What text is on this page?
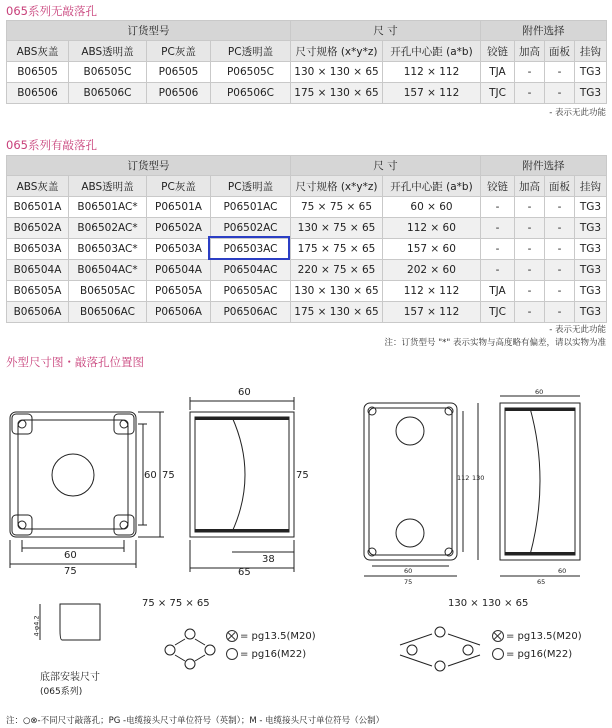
065系列无敲落孔
订货型号				尺 寸		附件选择			
ABS灰盖	ABS透明盖	PC灰盖	PC透明盖	尺寸规格 (x*y*z)	开孔中心距 (a*b)	铰链	加高	面板	挂钩
B06505	B06505C	P06505	P06505C	130 × 130 × 65	112 × 112	TJA	-	-	TG3
B06506	B06506C	P06506	P06506C	175 × 130 × 65	157 × 112	TJC	-	-	TG3
- 表示无此功能
065系列有敲落孔
订货型号				尺 寸		附件选择			
ABS灰盖	ABS透明盖	PC灰盖	PC透明盖	尺寸规格 (x*y*z)	开孔中心距 (a*b)	铰链	加高	面板	挂钩
B06501A	B06501AC*	P06501A	P06501AC	75 × 75 × 65	60 × 60	-	-	-	TG3
B06502A	B06502AC*	P06502A	P06502AC	130 × 75 × 65	112 × 60	-	-	-	TG3
B06503A	B06503AC*	P06503A	P06503AC	175 × 75 × 65	157 × 60	-	-	-	TG3
B06504A	B06504AC*	P06504A	P06504AC	220 × 75 × 65	202 × 60	-	-	-	TG3
B06505A	B06505AC	P06505A	P06505AC	130 × 130 × 65	112 × 112	TJA	-	-	TG3
B06506A	B06506AC	P06506A	P06506AC	175 × 130 × 65	157 × 112	TJC	-	-	TG3
- 表示无此功能
注：订货型号 "*" 表示实物与高度略有偏差，请以实物为准
外型尺寸图・敲落孔位置图
60
75
60 75
60
75
38
65
60
112 130
60
75
60
65
75 × 75 × 65	130 × 130 × 65
4-φ4.2
底部安装尺寸
(065系列)
= pg13.5(M20)
= pg16(M22)
= pg13.5(M20)
= pg16(M22)
注：○⊗-不同尺寸敲落孔；PG -电缆接头尺寸单位符号（英制）；M - 电缆接头尺寸单位符号（公制）
